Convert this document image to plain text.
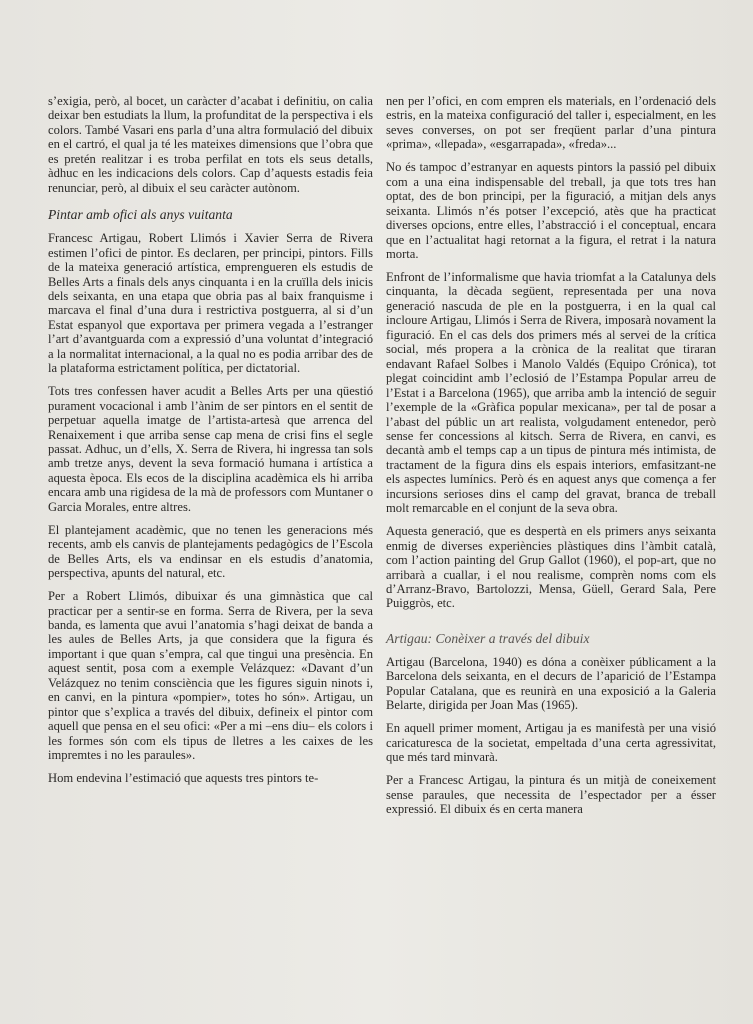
s’exigia, però, al bocet, un caràcter d’acabat i definitiu, on calia deixar ben estudiats la llum, la profunditat de la perspectiva i els colors. També Vasari ens parla d’una altra formulació del dibuix en el cartró, el qual ja té les mateixes dimensions que l’obra que es pretén realitzar i es troba perfilat en tots els seus detalls, àdhuc en les indicacions dels colors. Cap d’aquests estadis feia renunciar, però, al dibuix el seu caràcter autònom.

Pintar amb ofici als anys vuitanta

Francesc Artigau, Robert Llimós i Xavier Serra de Rivera estimen l’ofici de pintor. Es declaren, per principi, pintors. Fills de la mateixa generació artística, emprengueren els estudis de Belles Arts a finals dels anys cinquanta i en la cruïlla dels inicis dels seixanta, en una etapa que obria pas al baix franquisme i marcava el final d’una dura i restrictiva postguerra, al si d’un Estat espanyol que exportava per primera vegada a l’estranger l’art d’avantguarda com a expressió d’una voluntat d’integració a la normalitat internacional, a la qual no es podia arribar des de la plataforma estrictament política, per dictatorial.

Tots tres confessen haver acudit a Belles Arts per una qüestió purament vocacional i amb l’ànim de ser pintors en el sentit de perpetuar aquella imatge de l’artista-artesà que arrenca del Renaixement i que arriba sense cap mena de crisi fins el segle passat. Adhuc, un d’ells, X. Serra de Rivera, hi ingressa tan sols amb tretze anys, devent la seva formació humana i artística a aquesta època. Els ecos de la disciplina acadèmica els hi arriba encara amb una rigidesa de la mà de professors com Muntaner o Garcia Morales, entre altres.

El plantejament acadèmic, que no tenen les generacions més recents, amb els canvis de plantejaments pedagògics de l’Escola de Belles Arts, els va endinsar en els estudis d’anatomia, perspectiva, apunts del natural, etc.

Per a Robert Llimós, dibuixar és una gimnàstica que cal practicar per a sentir-se en forma. Serra de Rivera, per la seva banda, es lamenta que avui l’anatomia s’hagi deixat de banda a les aules de Belles Arts, ja que considera que la figura és important i que quan s’empra, cal que tingui una presència. En aquest sentit, posa com a exemple Velázquez: «Davant d’un Velázquez no tenim consciència que les figures siguin ninots i, en canvi, en la pintura «pompier», totes ho són». Artigau, un pintor que s’explica a través del dibuix, defineix el pintor com aquell que pensa en el seu ofici: «Per a mi –ens diu– els colors i les formes són com els tipus de lletres a les caixes de les impremtes i no les paraules».

Hom endevina l’estimació que aquests tres pintors te-

nen per l’ofici, en com empren els materials, en l’ordenació dels estris, en la mateixa configuració del taller i, especialment, en les seves converses, on pot ser freqüent parlar d’una pintura «prima», «llepada», «esgarrapada», «freda»...

No és tampoc d’estranyar en aquests pintors la passió pel dibuix com a una eina indispensable del treball, ja que tots tres han optat, des de bon principi, per la figuració, a mitjan dels anys seixanta. Llimós n’és potser l’excepció, atès que ha practicat diverses opcions, entre elles, l’abstracció i el conceptual, encara que en l’actualitat hagi retornat a la figura, el retrat i la natura morta.

Enfront de l’informalisme que havia triomfat a la Catalunya dels cinquanta, la dècada següent, representada per una nova generació nascuda de ple en la postguerra, i en la qual cal incloure Artigau, Llimós i Serra de Rivera, imposarà novament la figuració. En el cas dels dos primers més al servei de la crítica social, més propera a la crònica de la realitat que tiraran endavant Rafael Solbes i Manolo Valdés (Equipo Crónica), tot plegat coincidint amb l’eclosió de l’Estampa Popular arreu de l’Estat i a Barcelona (1965), que arriba amb la intenció de seguir l’exemple de la «Gràfica popular mexicana», per tal de posar a l’abast del públic un art realista, volgudament entenedor, però sense fer concessions al kitsch. Serra de Rivera, en canvi, es decantà amb el temps cap a un tipus de pintura més intimista, de tractament de la figura dins els espais interiors, emfasitzant-ne els aspectes lumínics. Però és en aquest anys que comença a fer incursions serioses dins el camp del gravat, branca de treball molt remarcable en el conjunt de la seva obra.

Aquesta generació, que es despertà en els primers anys seixanta enmig de diverses experiències plàstiques dins l’àmbit català, com l’action painting del Grup Gallot (1960), el pop-art, que no arribarà a cuallar, i el nou realisme, comprèn noms com els d’Arranz-Bravo, Bartolozzi, Mensa, Güell, Gerard Sala, Pere Puiggròs, etc.

Artigau: Conèixer a través del dibuix

Artigau (Barcelona, 1940) es dóna a conèixer públicament a la Barcelona dels seixanta, en el decurs de l’aparició de l’Estampa Popular Catalana, que es reunirà en una exposició a la Galeria Belarte, dirigida per Joan Mas (1965).

En aquell primer moment, Artigau ja es manifestà per una visió caricaturesca de la societat, empeltada d’una certa agressivitat, que més tard minvarà.

Per a Francesc Artigau, la pintura és un mitjà de coneixement sense paraules, que necessita de l’espectador per a ésser expressió. El dibuix és en certa manera
